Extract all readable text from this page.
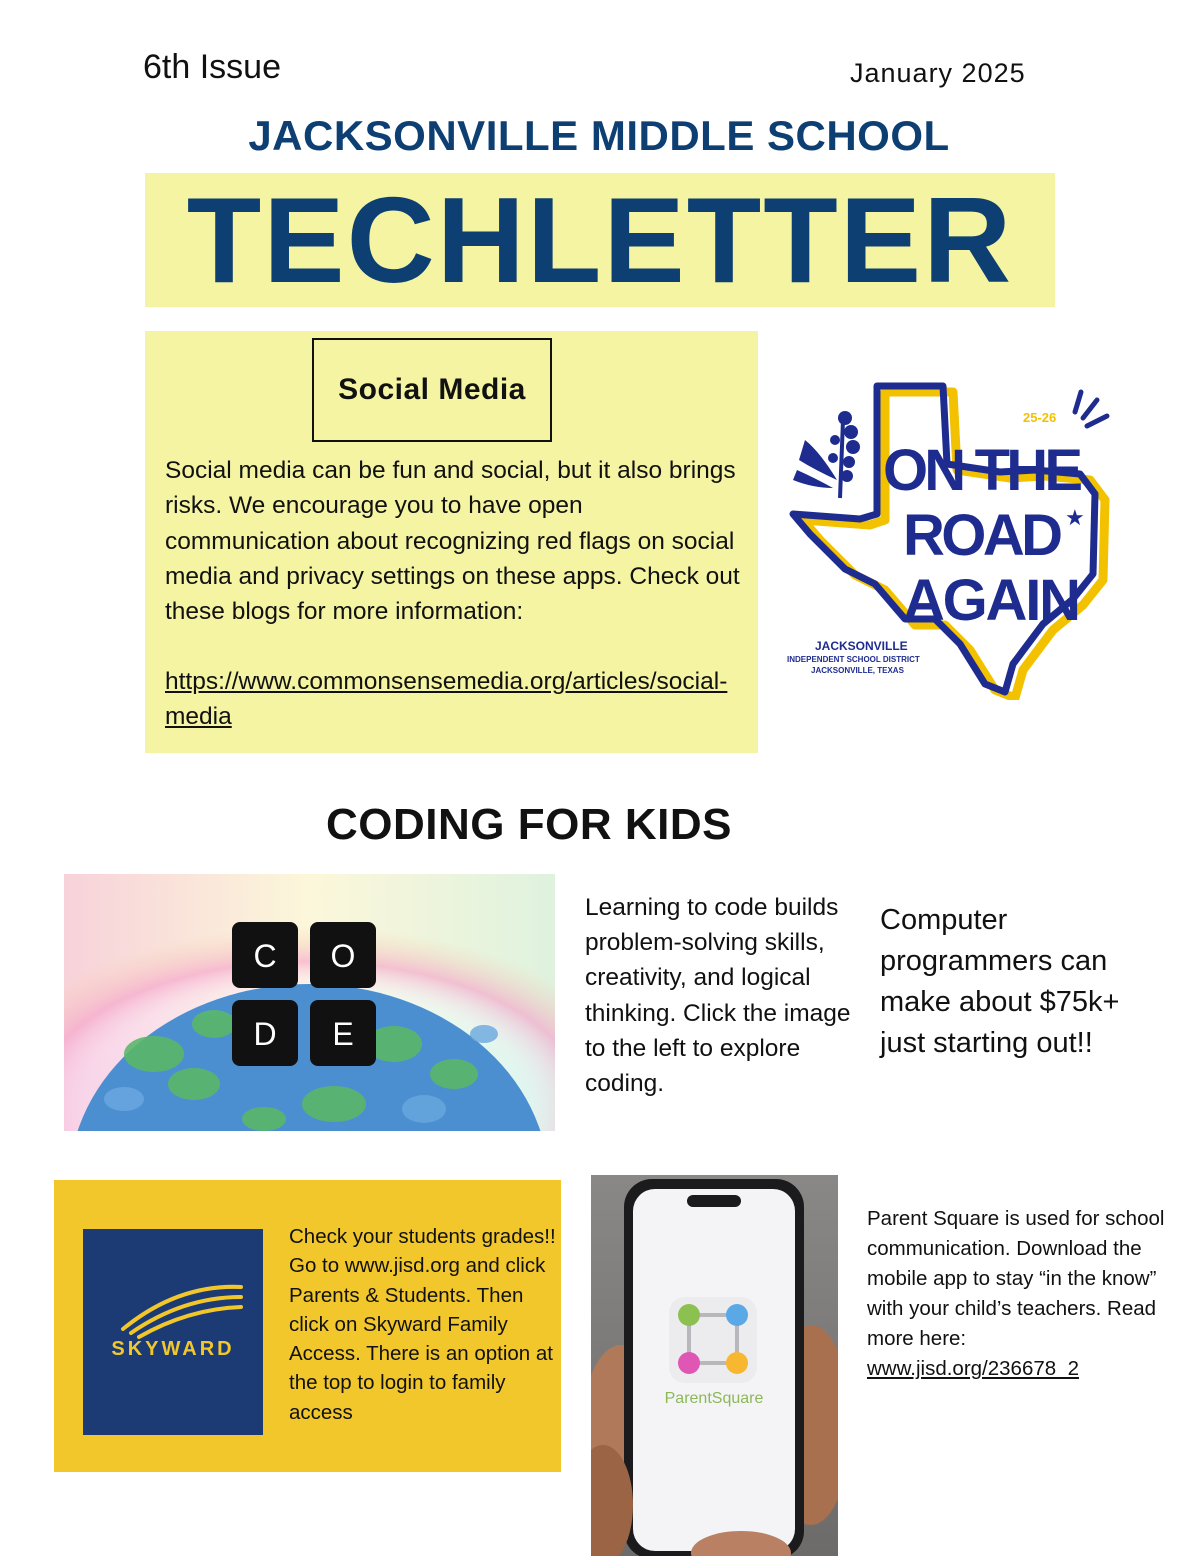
6th Issue	January 2025
JACKSONVILLE MIDDLE SCHOOL
TECHLETTER
Social Media
Social media can be fun and social, but it also brings risks. We encourage you to have open communication about recognizing red flags on social media and privacy settings on these apps. Check out these blogs for more information:
https://www.commonsensemedia.org/articles/social-media
25-26
ON THE
ROAD ★
AGAIN
JACKSONVILLE
INDEPENDENT SCHOOL DISTRICT
JACKSONVILLE, TEXAS
CODING FOR KIDS
C O
D E
Learning to code builds problem-solving skills, creativity, and logical thinking. Click the image to the left to explore coding.
Computer programmers can make about $75k+ just starting out!!
SKYWARD
Check your students grades!!
Go to www.jisd.org and click Parents & Students. Then click on Skyward Family Access. There is an option at the top to login to family access
ParentSquare
Parent Square is used for school communication. Download the mobile app to stay “in the know” with your child’s teachers. Read more here:
www.jisd.org/236678_2
